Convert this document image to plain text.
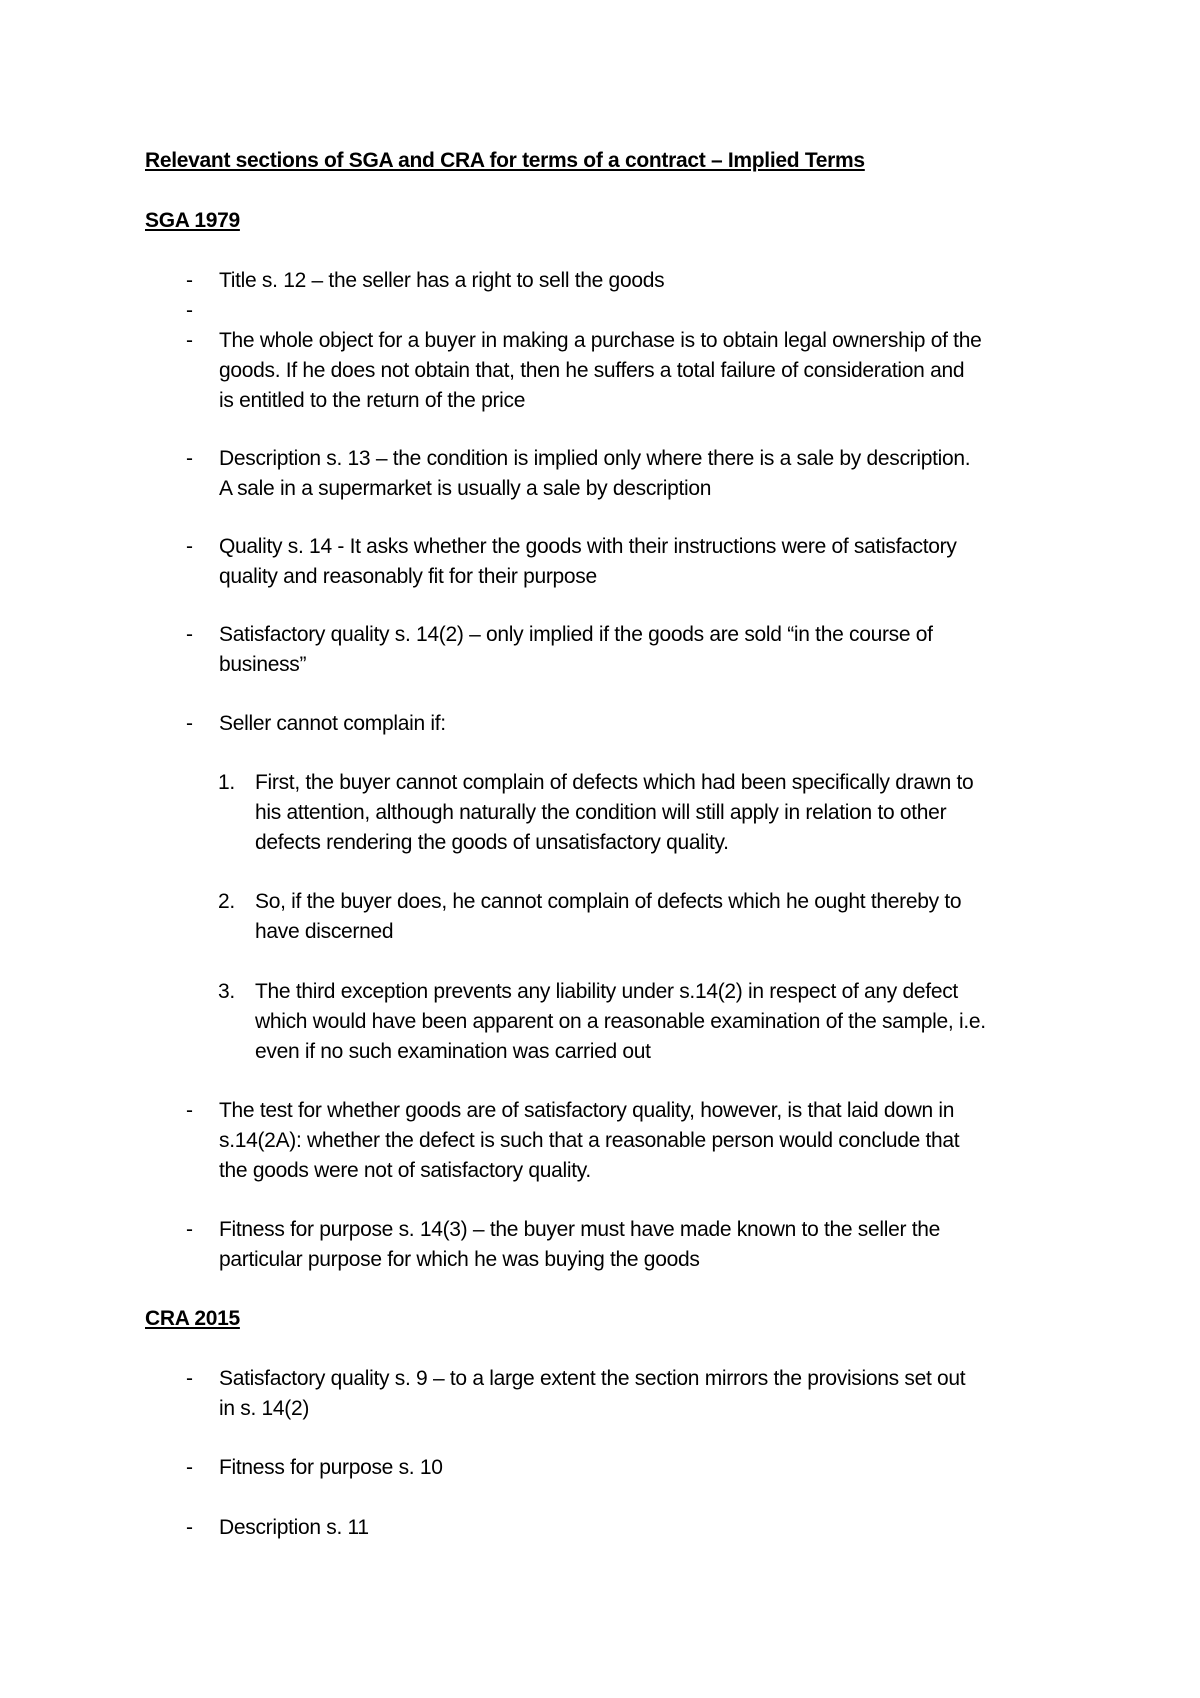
Relevant sections of SGA and CRA for terms of a contract – Implied Terms
SGA 1979
- Title s. 12 – the seller has a right to sell the goods
-
- The whole object for a buyer in making a purchase is to obtain legal ownership of the
goods. If he does not obtain that, then he suffers a total failure of consideration and
is entitled to the return of the price
- Description s. 13 – the condition is implied only where there is a sale by description.
A sale in a supermarket is usually a sale by description
- Quality s. 14 - It asks whether the goods with their instructions were of satisfactory
quality and reasonably fit for their purpose
- Satisfactory quality s. 14(2) – only implied if the goods are sold “in the course of
business”
- Seller cannot complain if:
1. First, the buyer cannot complain of defects which had been specifically drawn to
his attention, although naturally the condition will still apply in relation to other
defects rendering the goods of unsatisfactory quality.
2. So, if the buyer does, he cannot complain of defects which he ought thereby to
have discerned
3. The third exception prevents any liability under s.14(2) in respect of any defect
which would have been apparent on a reasonable examination of the sample, i.e.
even if no such examination was carried out
- The test for whether goods are of satisfactory quality, however, is that laid down in
s.14(2A): whether the defect is such that a reasonable person would conclude that
the goods were not of satisfactory quality.
- Fitness for purpose s. 14(3) – the buyer must have made known to the seller the
particular purpose for which he was buying the goods
CRA 2015
- Satisfactory quality s. 9 – to a large extent the section mirrors the provisions set out
in s. 14(2)
- Fitness for purpose s. 10
- Description s. 11
